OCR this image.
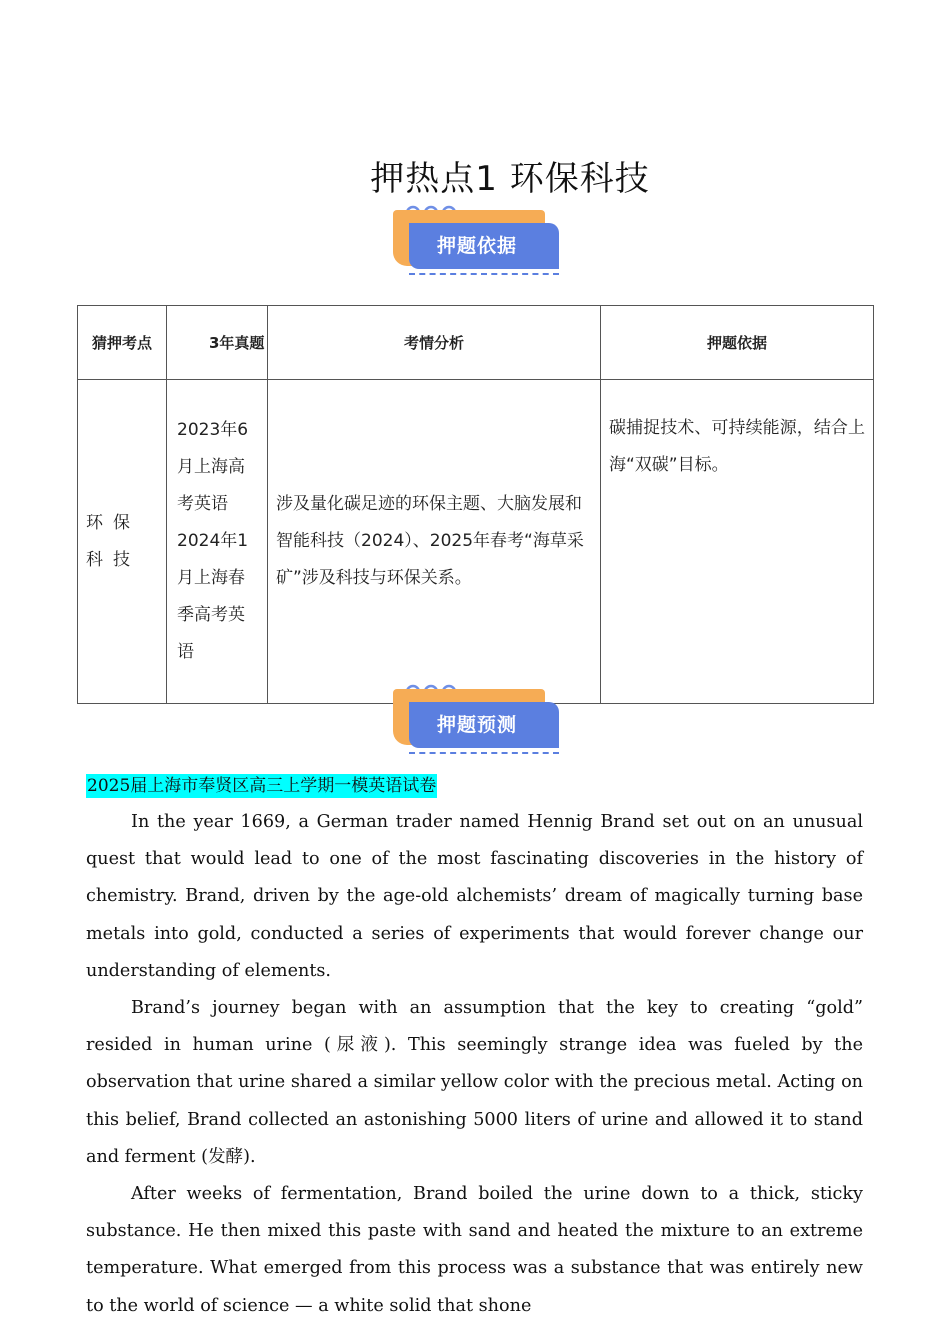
押热点1 环保科技
押题依据
猜押考点	3年真题	考情分析	押题依据
环保科技	2023年6月上海高考英语 2024年1月上海春季高考英语	涉及量化碳足迹的环保主题、大脑发展和智能科技（2024）、2025年春考“海草采矿”涉及科技与环保关系。	碳捕捉技术、可持续能源，结合上海“双碳”目标。
押题预测
2025届上海市奉贤区高三上学期一模英语试卷

In the year 1669, a German trader named Hennig Brand set out on an unusual quest that would lead to one of the most fascinating discoveries in the history of chemistry. Brand, driven by the age-old alchemists’ dream of magically turning base metals into gold, conducted a series of experiments that would forever change our understanding of elements.

Brand’s journey began with an assumption that the key to creating “gold” resided in human urine (尿液). This seemingly strange idea was fueled by the observation that urine shared a similar yellow color with the precious metal. Acting on this belief, Brand collected an astonishing 5000 liters of urine and allowed it to stand and ferment (发酵).

After weeks of fermentation, Brand boiled the urine down to a thick, sticky substance. He then mixed this paste with sand and heated the mixture to an extreme temperature. What emerged from this process was a substance that was entirely new to the world of science — a white solid that shone
